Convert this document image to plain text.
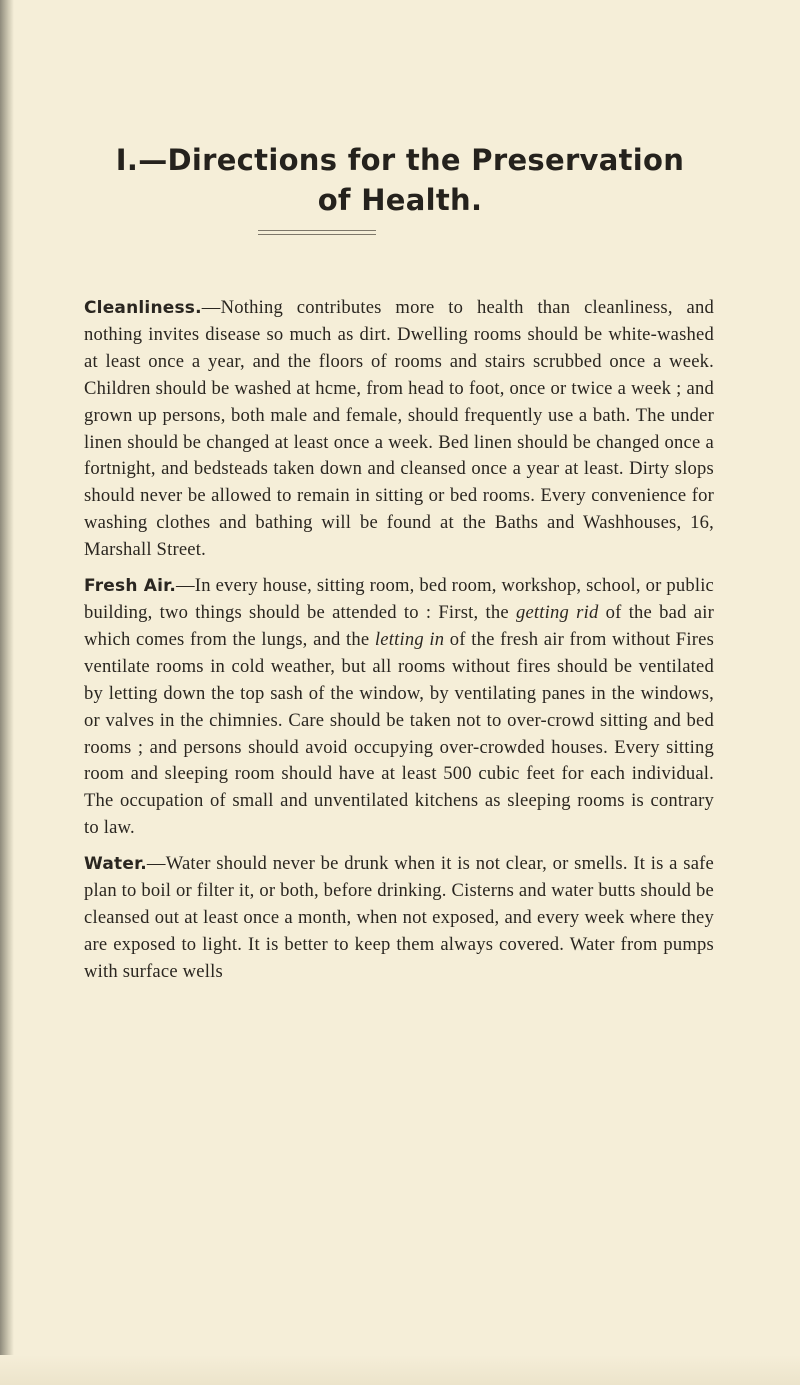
I.—Directions for the Preservation
of Health.

Cleanliness.—Nothing contributes more to health than cleanliness, and nothing invites disease so much as dirt. Dwelling rooms should be white-washed at least once a year, and the floors of rooms and stairs scrubbed once a week. Children should be washed at hcme, from head to foot, once or twice a week ; and grown up persons, both male and female, should frequently use a bath. The under linen should be changed at least once a week. Bed linen should be changed once a fortnight, and bedsteads taken down and cleansed once a year at least. Dirty slops should never be allowed to remain in sitting or bed rooms. Every convenience for washing clothes and bathing will be found at the Baths and Washhouses, 16, Marshall Street.

Fresh Air.—In every house, sitting room, bed room, workshop, school, or public building, two things should be attended to : First, the getting rid of the bad air which comes from the lungs, and the letting in of the fresh air from without Fires ventilate rooms in cold weather, but all rooms without fires should be ventilated by letting down the top sash of the window, by ventilating panes in the windows, or valves in the chimnies. Care should be taken not to over-crowd sitting and bed rooms ; and persons should avoid occupying over-crowded houses. Every sitting room and sleeping room should have at least 500 cubic feet for each individual. The occupation of small and unventilated kitchens as sleeping rooms is contrary to law.

Water.—Water should never be drunk when it is not clear, or smells. It is a safe plan to boil or filter it, or both, before drinking. Cisterns and water butts should be cleansed out at least once a month, when not exposed, and every week where they are exposed to light. It is better to keep them always covered. Water from pumps with surface wells
